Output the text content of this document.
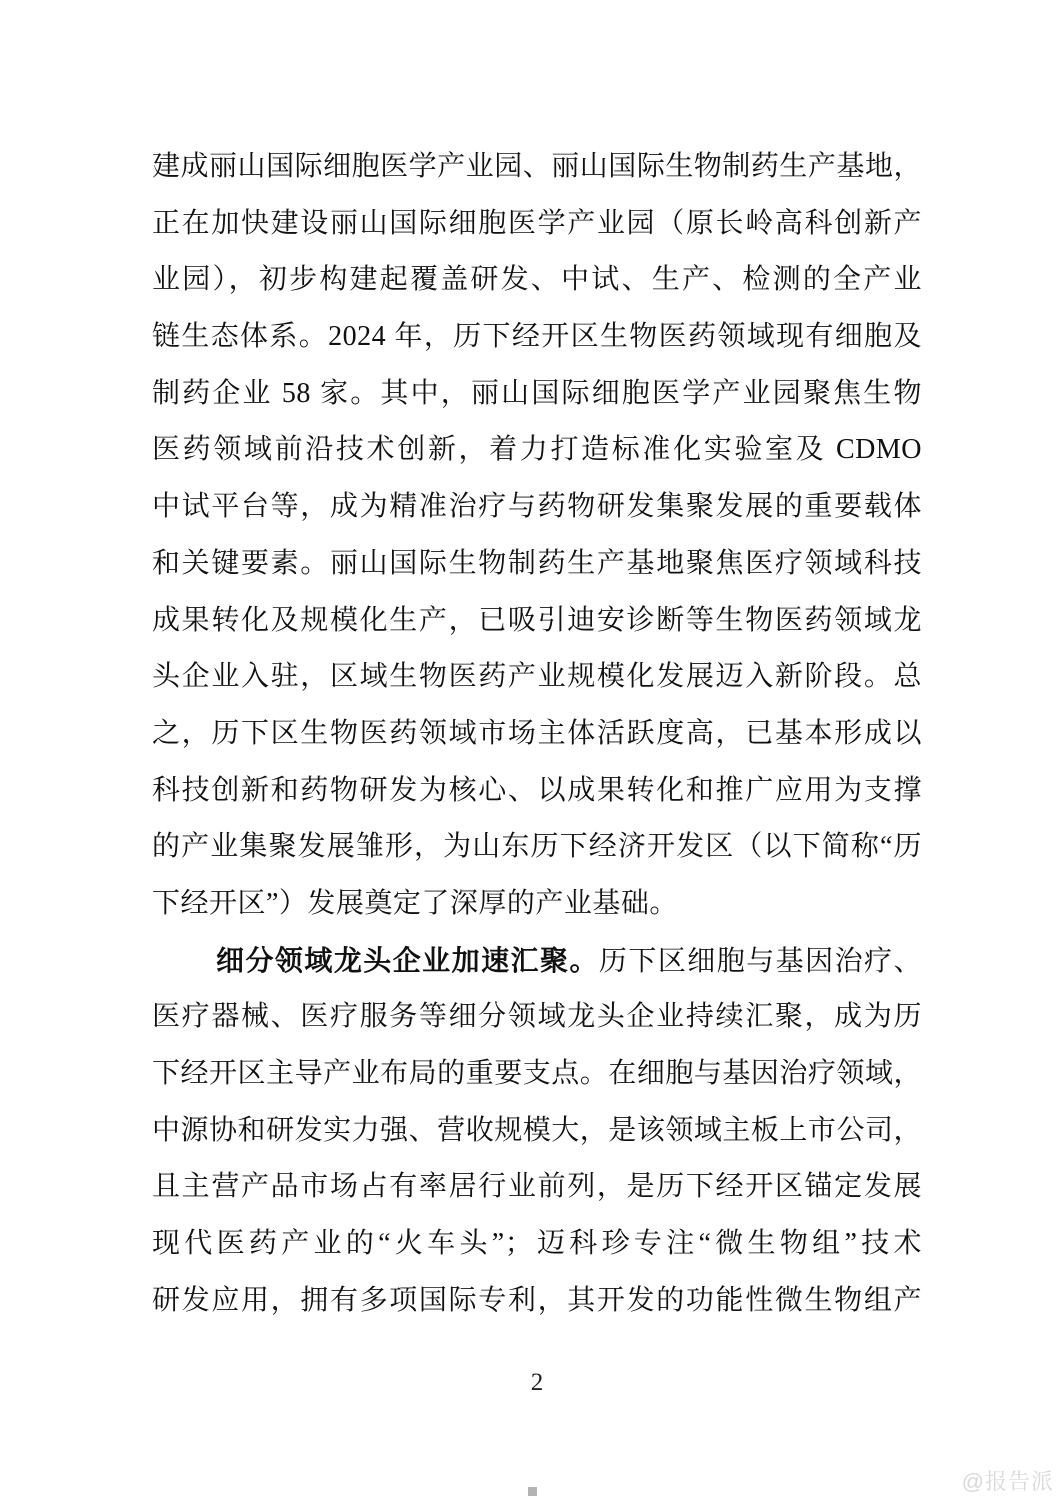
建成丽山国际细胞医学产业园、丽山国际生物制药生产基地，

正在加快建设丽山国际细胞医学产业园（原长岭高科创新产

业园），初步构建起覆盖研发、中试、生产、检测的全产业

链生态体系。2024 年，历下经开区生物医药领域现有细胞及

制药企业 58 家。其中，丽山国际细胞医学产业园聚焦生物

医药领域前沿技术创新，着力打造标准化实验室及 CDMO

中试平台等，成为精准治疗与药物研发集聚发展的重要载体

和关键要素。丽山国际生物制药生产基地聚焦医疗领域科技

成果转化及规模化生产，已吸引迪安诊断等生物医药领域龙

头企业入驻，区域生物医药产业规模化发展迈入新阶段。总

之，历下区生物医药领域市场主体活跃度高，已基本形成以

科技创新和药物研发为核心、以成果转化和推广应用为支撑

的产业集聚发展雏形，为山东历下经济开发区（以下简称“历

下经开区”）发展奠定了深厚的产业基础。

细分领域龙头企业加速汇聚。历下区细胞与基因治疗、

医疗器械、医疗服务等细分领域龙头企业持续汇聚，成为历

下经开区主导产业布局的重要支点。在细胞与基因治疗领域，

中源协和研发实力强、营收规模大，是该领域主板上市公司，

且主营产品市场占有率居行业前列，是历下经开区锚定发展

现代医药产业的“火车头”；迈科珍专注“微生物组”技术

研发应用，拥有多项国际专利，其开发的功能性微生物组产

2
@报告派
